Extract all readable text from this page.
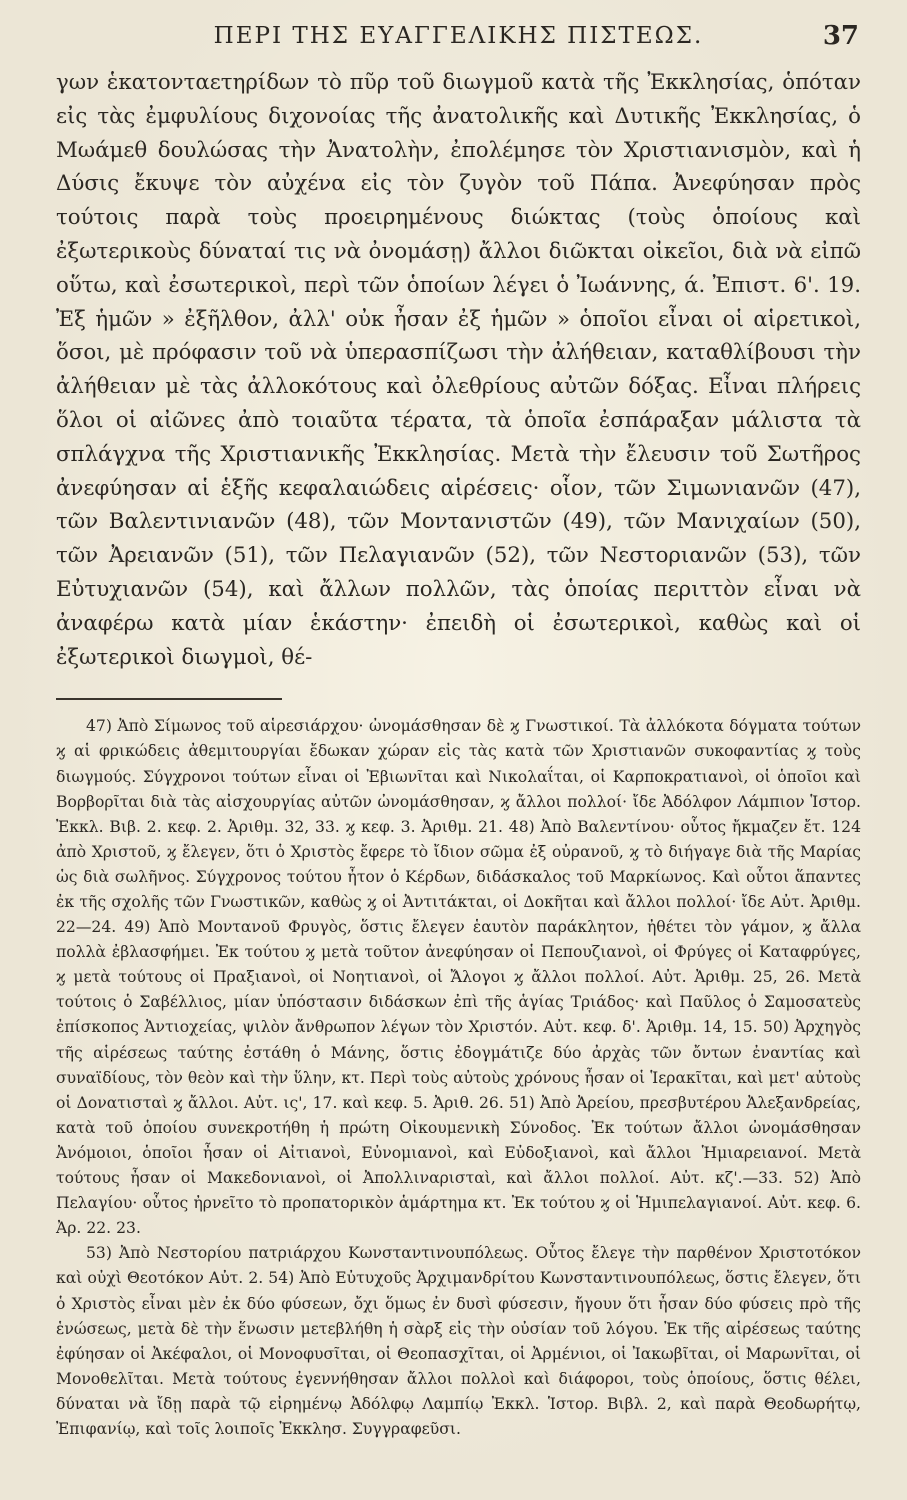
ΠΕΡΙ ΤΗΣ ΕΥΑΓΓΕΛΙΚΗΣ ΠΙΣΤΕΩΣ.	37
γων ἑκατονταετηρίδων τὸ πῦρ τοῦ διωγμοῦ κατὰ τῆς Ἐκκλησίας, ὁπόταν εἰς τὰς ἐμφυλίους διχονοίας τῆς ἀνατολικῆς καὶ Δυτικῆς Ἐκκλησίας, ὁ Μωάμεθ δουλώσας τὴν Ἀνατολὴν, ἐπολέμησε τὸν Χριστιανισμὸν, καὶ ἡ Δύσις ἔκυψε τὸν αὐχένα εἰς τὸν ζυγὸν τοῦ Πάπα. Ἀνεφύησαν πρὸς τούτοις παρὰ τοὺς προειρημένους διώκτας (τοὺς ὁποίους καὶ ἐξωτερικοὺς δύναταί τις νὰ ὀνομάσῃ) ἄλλοι διῶκται οἰκεῖοι, διὰ νὰ εἰπῶ οὕτω, καὶ ἐσωτερικοὶ, περὶ τῶν ὁποίων λέγει ὁ Ἰωάννης, ά. Ἐπιστ. 6'. 19. Ἐξ ἡμῶν » ἐξῆλθον, ἀλλ' οὐκ ἦσαν ἐξ ἡμῶν » ὁποῖοι εἶναι οἱ αἱρετικοὶ, ὅσοι, μὲ πρόφασιν τοῦ νὰ ὑπερασπίζωσι τὴν ἀλήθειαν, καταθλίβουσι τὴν ἀλήθειαν μὲ τὰς ἀλλοκότους καὶ ὀλεθρίους αὐτῶν δόξας. Εἶναι πλήρεις ὅλοι οἱ αἰῶνες ἀπὸ τοιαῦτα τέρατα, τὰ ὁποῖα ἐσπάραξαν μάλιστα τὰ σπλάγχνα τῆς Χριστιανικῆς Ἐκκλησίας. Μετὰ τὴν ἔλευσιν τοῦ Σωτῆρος ἀνεφύησαν αἱ ἑξῆς κεφαλαιώδεις αἱρέσεις· οἷον, τῶν Σιμωνιανῶν (47), τῶν Βαλεντινιανῶν (48), τῶν Μοντανιστῶν (49), τῶν Μανιχαίων (50), τῶν Ἀρειανῶν (51), τῶν Πελαγιανῶν (52), τῶν Νεστοριανῶν (53), τῶν Εὐτυχιανῶν (54), καὶ ἄλλων πολλῶν, τὰς ὁποίας περιττὸν εἶναι νὰ ἀναφέρω κατὰ μίαν ἑκάστην· ἐπειδὴ οἱ ἐσωτερικοὶ, καθὼς καὶ οἱ ἐξωτερικοὶ διωγμοὶ, θέ-

47) Ἀπὸ Σίμωνος τοῦ αἱρεσιάρχου· ὠνομάσθησαν δὲ ϗ Γνωστικοί. Τὰ ἀλλόκοτα δόγματα τούτων ϗ αἱ φρικώδεις ἀθεμιτουργίαι ἔδωκαν χώραν εἰς τὰς κατὰ τῶν Χριστιανῶν συκοφαντίας ϗ τοὺς διωγμούς. Σύγχρονοι τούτων εἶναι οἱ Ἐβιωνῖται καὶ Νικολαΐται, οἱ Καρποκρατιανοὶ, οἱ ὁποῖοι καὶ Βορβορῖται διὰ τὰς αἰσχουργίας αὐτῶν ὠνομάσθησαν, ϗ ἄλλοι πολλοί· ἴδε Ἀδόλφον Λάμπιον Ἱστορ. Ἐκκλ. Βιβ. 2. κεφ. 2. Ἀριθμ. 32, 33. ϗ κεφ. 3. Ἀριθμ. 21. 48) Ἀπὸ Βαλεντίνου· οὗτος ἤκμαζεν ἔτ. 124 ἀπὸ Χριστοῦ, ϗ ἔλεγεν, ὅτι ὁ Χριστὸς ἔφερε τὸ ἴδιον σῶμα ἐξ οὐρανοῦ, ϗ τὸ διήγαγε διὰ τῆς Μαρίας ὡς διὰ σωλῆνος. Σύγχρονος τούτου ἦτον ὁ Κέρδων, διδάσκαλος τοῦ Μαρκίωνος. Καὶ οὗτοι ἅπαντες ἐκ τῆς σχολῆς τῶν Γνωστικῶν, καθὼς ϗ οἱ Ἀντιτάκται, οἱ Δοκῆται καὶ ἄλλοι πολλοί· ἴδε Αὐτ. Ἀριθμ. 22—24. 49) Ἀπὸ Μοντανοῦ Φρυγὸς, ὅστις ἔλεγεν ἑαυτὸν παράκλητον, ἠθέτει τὸν γάμον, ϗ ἄλλα πολλὰ ἐβλασφήμει. Ἐκ τούτου ϗ μετὰ τοῦτον ἀνεφύησαν οἱ Πεπουζιανοὶ, οἱ Φρύγες οἱ Καταφρύγες, ϗ μετὰ τούτους οἱ Πραξιανοὶ, οἱ Νοητιανοὶ, οἱ Ἄλογοι ϗ ἄλλοι πολλοί. Αὐτ. Ἀριθμ. 25, 26. Μετὰ τούτοις ὁ Σαβέλλιος, μίαν ὑπόστασιν διδάσκων ἐπὶ τῆς ἁγίας Τριάδος· καὶ Παῦλος ὁ Σαμοσατεὺς ἐπίσκοπος Ἀντιοχείας, ψιλὸν ἄνθρωπον λέγων τὸν Χριστόν. Αὐτ. κεφ. δ'. Ἀριθμ. 14, 15. 50) Ἀρχηγὸς τῆς αἱρέσεως ταύτης ἐστάθη ὁ Μάνης, ὅστις ἐδογμάτιζε δύο ἀρχὰς τῶν ὄντων ἐναντίας καὶ συναϊδίους, τὸν θεὸν καὶ τὴν ὕλην, κτ. Περὶ τοὺς αὐτοὺς χρόνους ἦσαν οἱ Ἱερακῖται, καὶ μετ' αὐτοὺς οἱ Δονατισταὶ ϗ ἄλλοι. Αὐτ. ις', 17. καὶ κεφ. 5. Ἀριθ. 26. 51) Ἀπὸ Ἀρείου, πρεσβυτέρου Ἀλεξανδρείας, κατὰ τοῦ ὁποίου συνεκροτήθη ἡ πρώτη Οἰκουμενικὴ Σύνοδος. Ἐκ τούτων ἄλλοι ὠνομάσθησαν Ἀνόμοιοι, ὁποῖοι ἦσαν οἱ Αἰτιανοὶ, Εὐνομιανοὶ, καὶ Εὐδοξιανοὶ, καὶ ἄλλοι Ἡμιαρειανοί. Μετὰ τούτους ἦσαν οἱ Μακεδονιανοὶ, οἱ Ἀπολλιναρισταὶ, καὶ ἄλλοι πολλοί. Αὐτ. κζ'.—33. 52) Ἀπὸ Πελαγίου· οὗτος ἠρνεῖτο τὸ προπατορικὸν ἁμάρτημα κτ. Ἐκ τούτου ϗ οἱ Ἡμιπελαγιανοί. Αὐτ. κεφ. 6. Ἀρ. 22. 23.

53) Ἀπὸ Νεστορίου πατριάρχου Κωνσταντινουπόλεως. Οὗτος ἔλεγε τὴν παρθένον Χριστοτόκον καὶ οὐχὶ Θεοτόκον Αὐτ. 2. 54) Ἀπὸ Εὐτυχοῦς Ἀρχιμανδρίτου Κωνσταντινουπόλεως, ὅστις ἔλεγεν, ὅτι ὁ Χριστὸς εἶναι μὲν ἐκ δύο φύσεων, ὄχι ὅμως ἐν δυσὶ φύσεσιν, ἤγουν ὅτι ἦσαν δύο φύσεις πρὸ τῆς ἑνώσεως, μετὰ δὲ τὴν ἕνωσιν μετεβλήθη ἡ σὰρξ εἰς τὴν οὐσίαν τοῦ λόγου. Ἐκ τῆς αἱρέσεως ταύτης ἐφύησαν οἱ Ἀκέφαλοι, οἱ Μονοφυσῖται, οἱ Θεοπασχῖται, οἱ Ἀρμένιοι, οἱ Ἰακωβῖται, οἱ Μαρωνῖται, οἱ Μονοθελῖται. Μετὰ τούτους ἐγεννήθησαν ἄλλοι πολλοὶ καὶ διάφοροι, τοὺς ὁποίους, ὅστις θέλει, δύναται νὰ ἴδῃ παρὰ τῷ εἰρημένῳ Ἀδόλφῳ Λαμπίῳ Ἐκκλ. Ἱστορ. Βιβλ. 2, καὶ παρὰ Θεοδωρήτῳ, Ἐπιφανίῳ, καὶ τοῖς λοιποῖς Ἐκκλησ. Συγγραφεῦσι.
